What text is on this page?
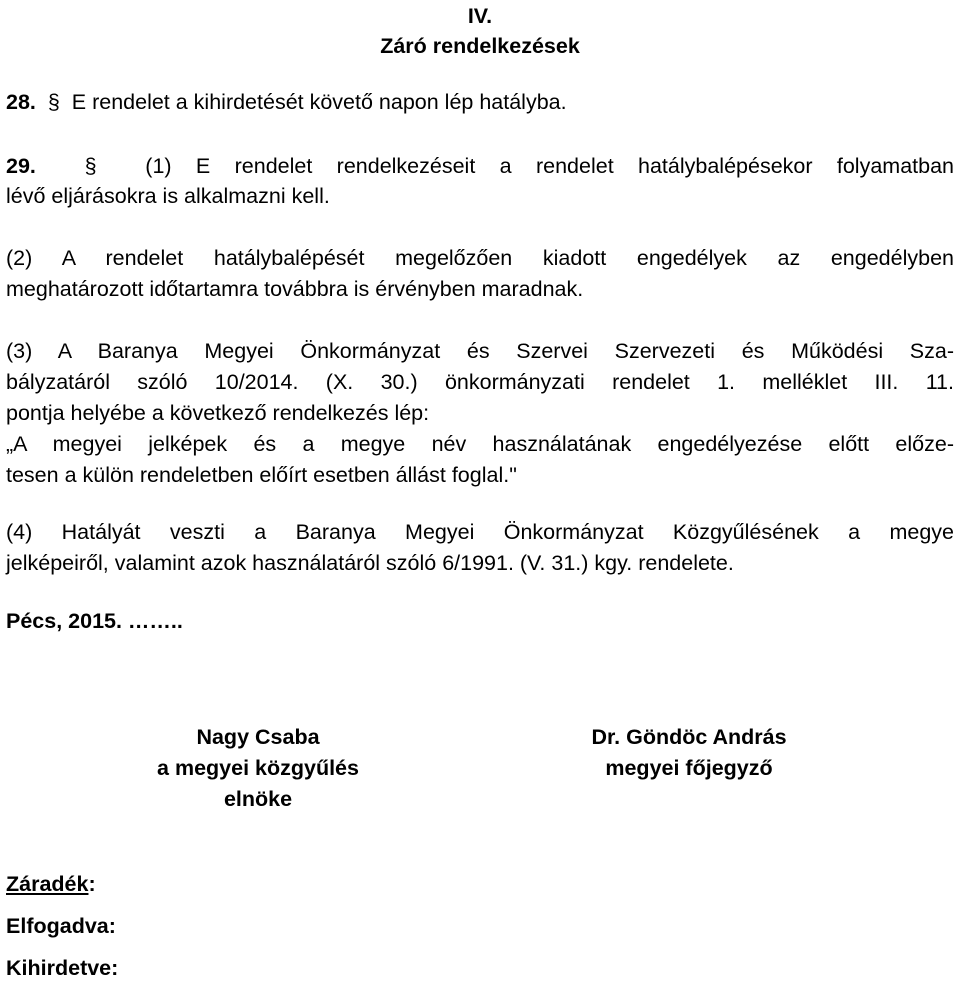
IV.
Záró rendelkezések
28. § E rendelet a kihirdetését követő napon lép hatályba.
29. § (1) E rendelet rendelkezéseit a rendelet hatálybalépésekor folyamatban
lévő eljárásokra is alkalmazni kell.
(2) A rendelet hatálybalépését megelőzően kiadott engedélyek az engedélyben
meghatározott időtartamra továbbra is érvényben maradnak.
(3) A Baranya Megyei Önkormányzat és Szervei Szervezeti és Működési Sza-
bályzatáról szóló 10/2014. (X. 30.) önkormányzati rendelet 1. melléklet III. 11.
pontja helyébe a következő rendelkezés lép:
„A megyei jelképek és a megye név használatának engedélyezése előtt előze-
tesen a külön rendeletben előírt esetben állást foglal."
(4) Hatályát veszti a Baranya Megyei Önkormányzat Közgyűlésének a megye
jelképeiről, valamint azok használatáról szóló 6/1991. (V. 31.) kgy. rendelete.
Pécs, 2015. ……..
Nagy Csaba
a megyei közgyűlés
elnöke
Dr. Göndöc András
megyei főjegyző
Záradék:
Elfogadva:
Kihirdetve:
